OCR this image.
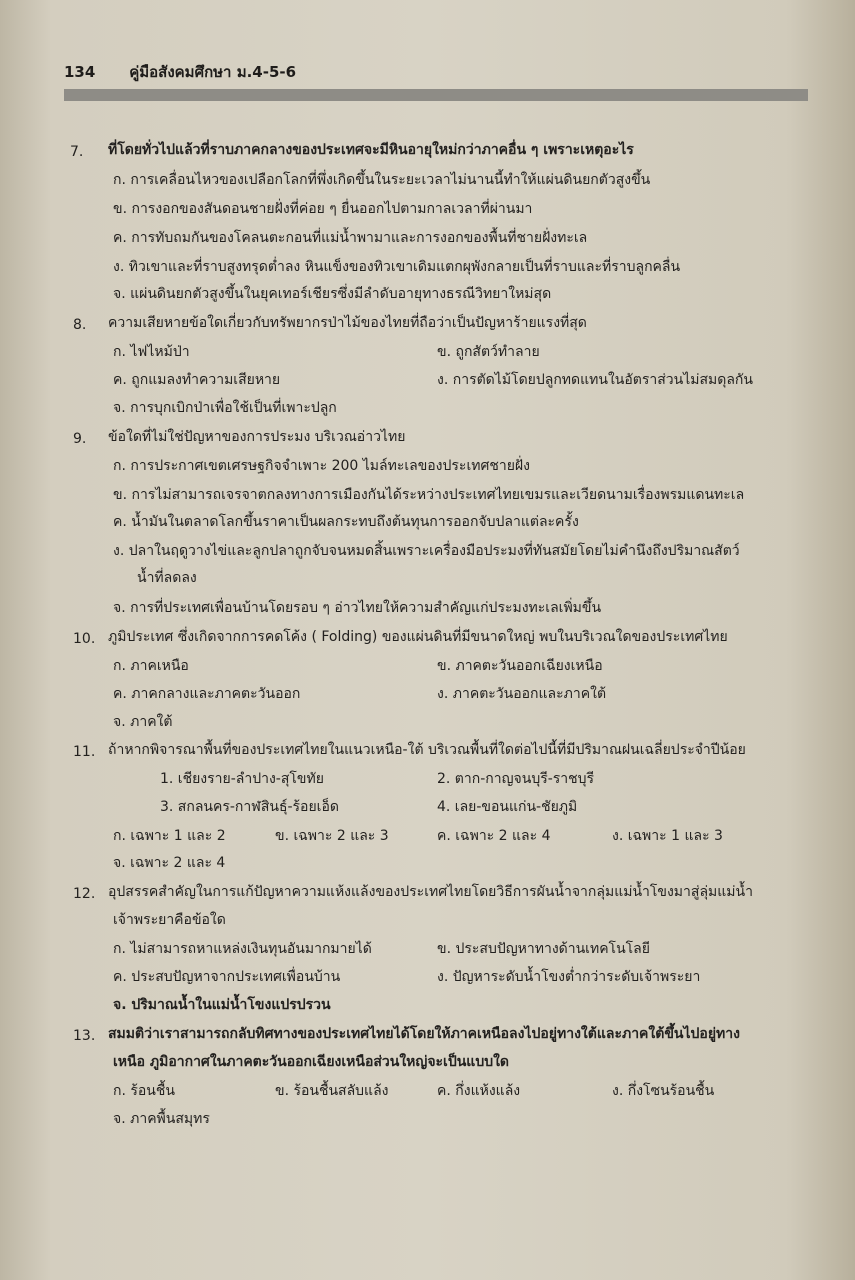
134 คู่มือสังคมศึกษา ม.4-5-6
7. ที่โดยทั่วไปแล้วที่ราบภาคกลางของประเทศจะมีหินอายุใหม่กว่าภาคอื่น ๆ เพราะเหตุอะไร
ก. การเคลื่อนไหวของเปลือกโลกที่พึ่งเกิดขึ้นในระยะเวลาไม่นานนี้ทำให้แผ่นดินยกตัวสูงขึ้น
ข. การงอกของสันดอนชายฝั่งที่ค่อย ๆ ยื่นออกไปตามกาลเวลาที่ผ่านมา
ค. การทับถมกันของโคลนตะกอนที่แม่น้ำพามาและการงอกของพื้นที่ชายฝั่งทะเล
ง. ทิวเขาและที่ราบสูงทรุดต่ำลง หินแข็งของทิวเขาเดิมแตกผุพังกลายเป็นที่ราบและที่ราบลูกคลื่น
จ. แผ่นดินยกตัวสูงขึ้นในยุคเทอร์เชียรซึ่งมีลำดับอายุทางธรณีวิทยาใหม่สุด
8. ความเสียหายข้อใดเกี่ยวกับทรัพยากรป่าไม้ของไทยที่ถือว่าเป็นปัญหาร้ายแรงที่สุด
ก. ไฟไหม้ป่า	ข. ถูกสัตว์ทำลาย
ค. ถูกแมลงทำความเสียหาย	ง. การตัดไม้โดยปลูกทดแทนในอัตราส่วนไม่สมดุลกัน
จ. การบุกเบิกป่าเพื่อใช้เป็นที่เพาะปลูก
9. ข้อใดที่ไม่ใช่ปัญหาของการประมง บริเวณอ่าวไทย
ก. การประกาศเขตเศรษฐกิจจำเพาะ 200 ไมล์ทะเลของประเทศชายฝั่ง
ข. การไม่สามารถเจรจาตกลงทางการเมืองกันได้ระหว่างประเทศไทยเขมรและเวียดนามเรื่องพรมแดนทะเล
ค. น้ำมันในตลาดโลกขึ้นราคาเป็นผลกระทบถึงต้นทุนการออกจับปลาแต่ละครั้ง
ง. ปลาในฤดูวางไข่และลูกปลาถูกจับจนหมดสิ้นเพราะเครื่องมือประมงที่ทันสมัยโดยไม่คำนึงถึงปริมาณสัตว์
น้ำที่ลดลง
จ. การที่ประเทศเพื่อนบ้านโดยรอบ ๆ อ่าวไทยให้ความสำคัญแก่ประมงทะเลเพิ่มขึ้น
10. ภูมิประเทศ ซึ่งเกิดจากการคดโค้ง ( Folding) ของแผ่นดินที่มีขนาดใหญ่ พบในบริเวณใดของประเทศไทย
ก. ภาคเหนือ	ข. ภาคตะวันออกเฉียงเหนือ
ค. ภาคกลางและภาคตะวันออก	ง. ภาคตะวันออกและภาคใต้
จ. ภาคใต้
11. ถ้าหากพิจารณาพื้นที่ของประเทศไทยในแนวเหนือ-ใต้ บริเวณพื้นที่ใดต่อไปนี้ที่มีปริมาณฝนเฉลี่ยประจำปีน้อย
1. เชียงราย-ลำปาง-สุโขทัย	2. ตาก-กาญจนบุรี-ราชบุรี
3. สกลนคร-กาฬสินธุ์-ร้อยเอ็ด	4. เลย-ขอนแก่น-ชัยภูมิ
ก. เฉพาะ 1 และ 2	ข. เฉพาะ 2 และ 3	ค. เฉพาะ 2 และ 4	ง. เฉพาะ 1 และ 3
จ. เฉพาะ 2 และ 4
12. อุปสรรคสำคัญในการแก้ปัญหาความแห้งแล้งของประเทศไทยโดยวิธีการผันน้ำจากลุ่มแม่น้ำโขงมาสู่ลุ่มแม่น้ำ
เจ้าพระยาคือข้อใด
ก. ไม่สามารถหาแหล่งเงินทุนอันมากมายได้	ข. ประสบปัญหาทางด้านเทคโนโลยี
ค. ประสบปัญหาจากประเทศเพื่อนบ้าน	ง. ปัญหาระดับน้ำโขงต่ำกว่าระดับเจ้าพระยา
จ. ปริมาณน้ำในแม่น้ำโขงแปรปรวน
13. สมมติว่าเราสามารถกลับทิศทางของประเทศไทยได้โดยให้ภาคเหนือลงไปอยู่ทางใต้และภาคใต้ขึ้นไปอยู่ทาง
เหนือ ภูมิอากาศในภาคตะวันออกเฉียงเหนือส่วนใหญ่จะเป็นแบบใด
ก. ร้อนชื้น	ข. ร้อนชื้นสลับแล้ง	ค. กึ่งแห้งแล้ง	ง. กึ่งโซนร้อนชื้น
จ. ภาคพื้นสมุทร
